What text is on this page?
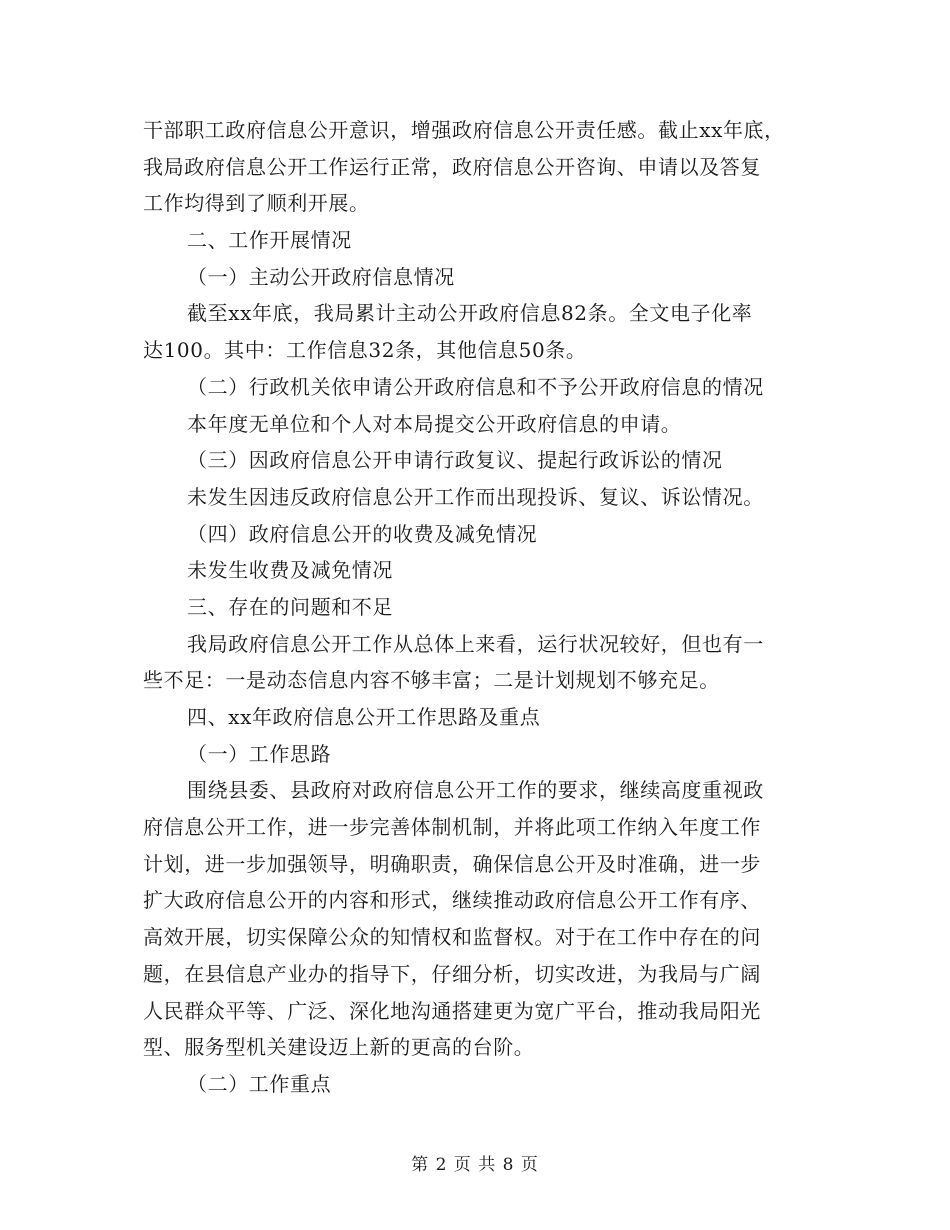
干部职工政府信息公开意识，增强政府信息公开责任感。截止xx年底，
我局政府信息公开工作运行正常，政府信息公开咨询、申请以及答复
工作均得到了顺利开展。
二、工作开展情况
（一）主动公开政府信息情况
截至xx年底，我局累计主动公开政府信息82条。全文电子化率
达100。其中：工作信息32条，其他信息50条。
（二）行政机关依申请公开政府信息和不予公开政府信息的情况
本年度无单位和个人对本局提交公开政府信息的申请。
（三）因政府信息公开申请行政复议、提起行政诉讼的情况
未发生因违反政府信息公开工作而出现投诉、复议、诉讼情况。
（四）政府信息公开的收费及减免情况
未发生收费及减免情况
三、存在的问题和不足
我局政府信息公开工作从总体上来看，运行状况较好，但也有一
些不足：一是动态信息内容不够丰富；二是计划规划不够充足。
四、xx年政府信息公开工作思路及重点
（一）工作思路
围绕县委、县政府对政府信息公开工作的要求，继续高度重视政
府信息公开工作，进一步完善体制机制，并将此项工作纳入年度工作
计划，进一步加强领导，明确职责，确保信息公开及时准确，进一步
扩大政府信息公开的内容和形式，继续推动政府信息公开工作有序、
高效开展，切实保障公众的知情权和监督权。对于在工作中存在的问
题，在县信息产业办的指导下，仔细分析，切实改进，为我局与广阔
人民群众平等、广泛、深化地沟通搭建更为宽广平台，推动我局阳光
型、服务型机关建设迈上新的更高的台阶。
（二）工作重点
第 2 页 共 8 页
